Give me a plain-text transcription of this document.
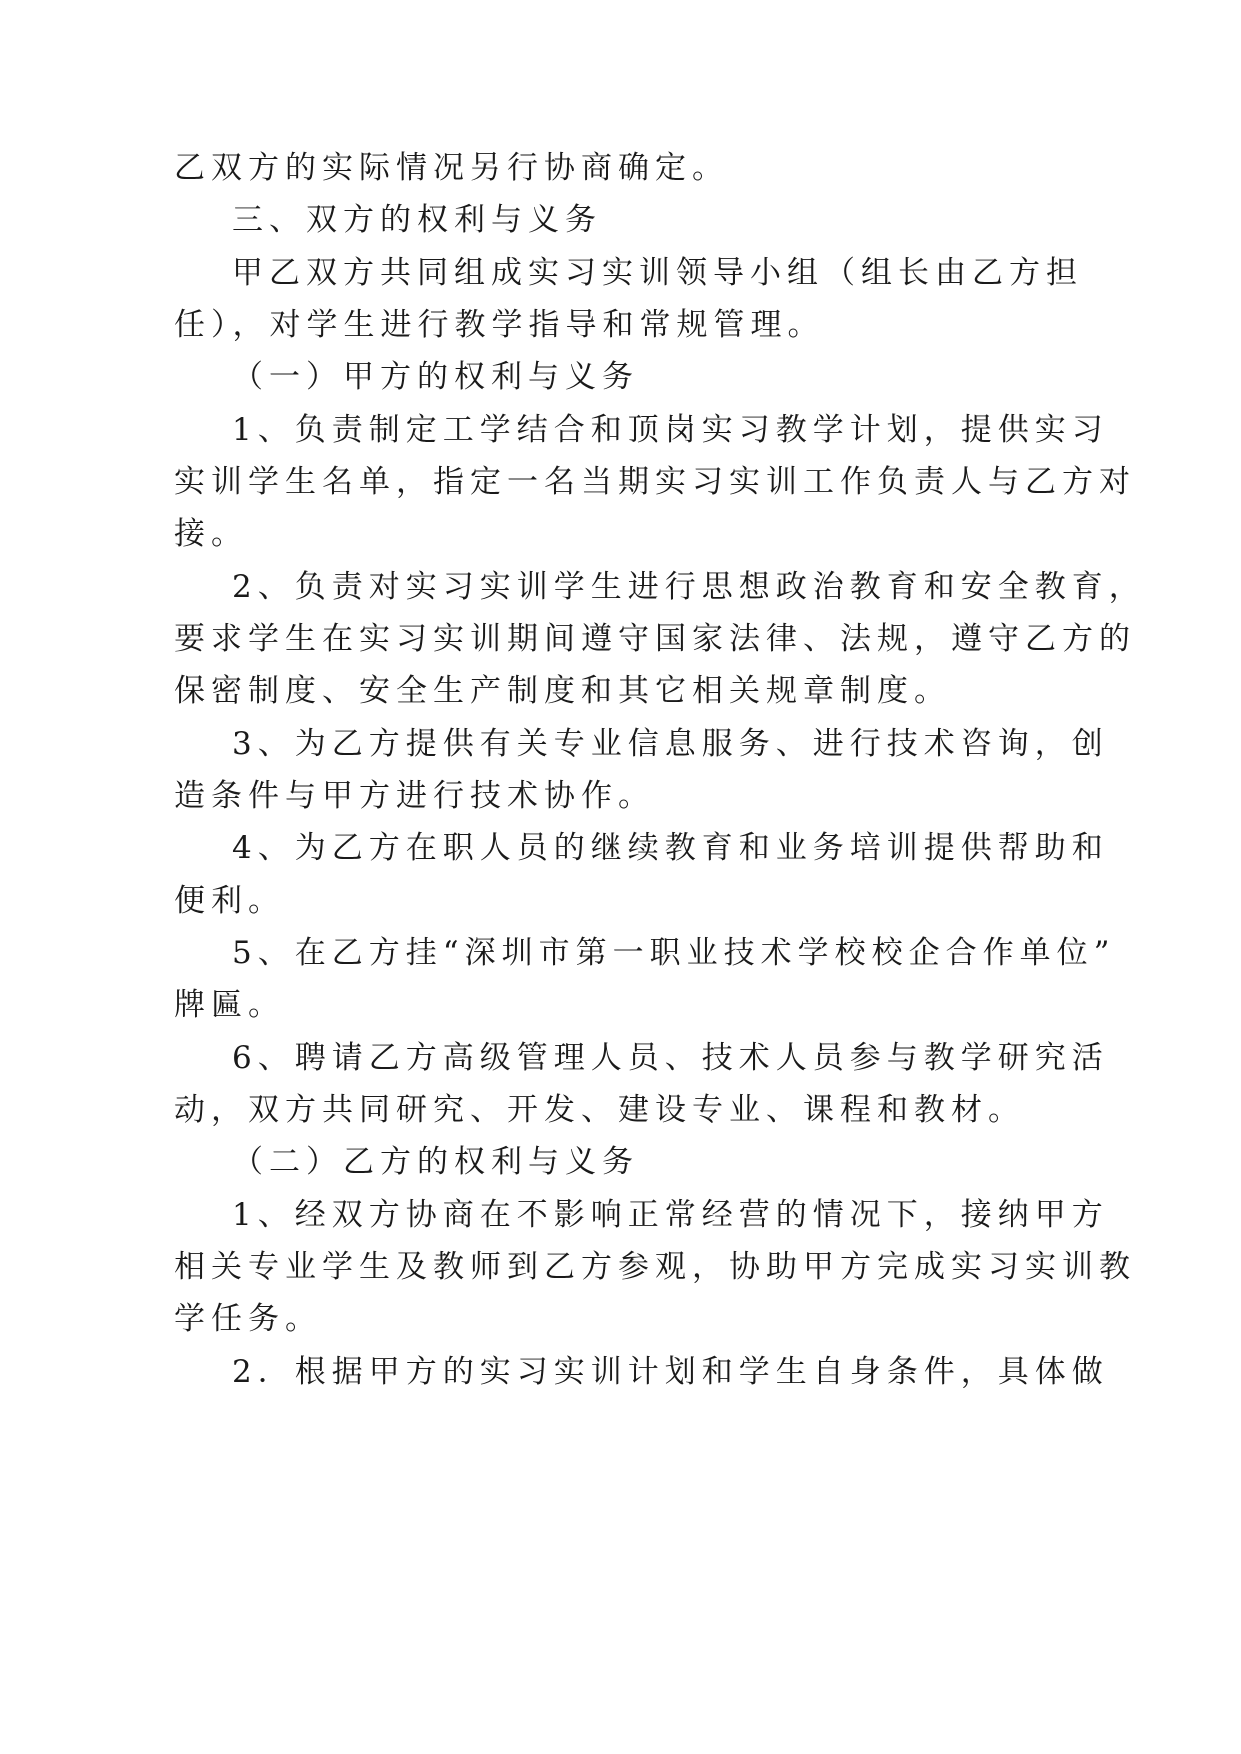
乙双方的实际情况另行协商确定。
三、双方的权利与义务
甲乙双方共同组成实习实训领导小组（组长由乙方担
任），对学生进行教学指导和常规管理。
（一）甲方的权利与义务
1、负责制定工学结合和顶岗实习教学计划，提供实习
实训学生名单，指定一名当期实习实训工作负责人与乙方对
接。
2、负责对实习实训学生进行思想政治教育和安全教育，
要求学生在实习实训期间遵守国家法律、法规，遵守乙方的
保密制度、安全生产制度和其它相关规章制度。
3、为乙方提供有关专业信息服务、进行技术咨询，创
造条件与甲方进行技术协作。
4、为乙方在职人员的继续教育和业务培训提供帮助和
便利。
5、在乙方挂“深圳市第一职业技术学校校企合作单位”
牌匾。
6、聘请乙方高级管理人员、技术人员参与教学研究活
动，双方共同研究、开发、建设专业、课程和教材。
（二）乙方的权利与义务
1、经双方协商在不影响正常经营的情况下，接纳甲方
相关专业学生及教师到乙方参观，协助甲方完成实习实训教
学任务。
2．根据甲方的实习实训计划和学生自身条件，具体做
